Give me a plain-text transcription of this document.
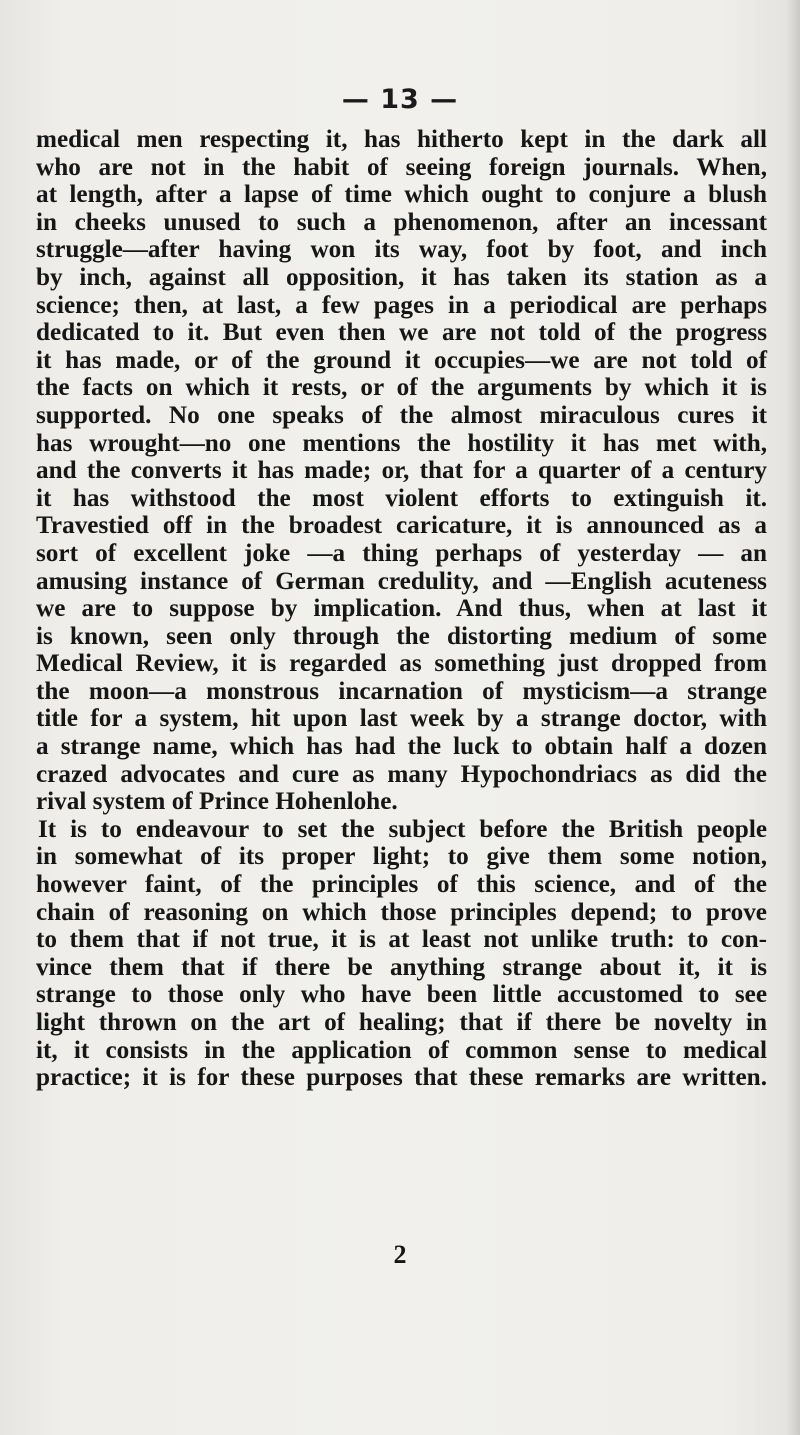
— 13 —
medical men respecting it, has hitherto kept in the dark all
who are not in the habit of seeing foreign journals. When,
at length, after a lapse of time which ought to conjure a blush
in cheeks unused to such a phenomenon, after an incessant
struggle—after having won its way, foot by foot, and inch
by inch, against all opposition, it has taken its station as a
science; then, at last, a few pages in a periodical are perhaps
dedicated to it. But even then we are not told of the progress
it has made, or of the ground it occupies—we are not told of
the facts on which it rests, or of the arguments by which it is
supported. No one speaks of the almost miraculous cures it
has wrought—no one mentions the hostility it has met with,
and the converts it has made; or, that for a quarter of a century
it has withstood the most violent efforts to extinguish it.
Travestied off in the broadest caricature, it is announced as a
sort of excellent joke —a thing perhaps of yesterday — an
amusing instance of German credulity, and —English acuteness
we are to suppose by implication. And thus, when at last it
is known, seen only through the distorting medium of some
Medical Review, it is regarded as something just dropped from
the moon—a monstrous incarnation of mysticism—a strange
title for a system, hit upon last week by a strange doctor, with
a strange name, which has had the luck to obtain half a dozen
crazed advocates and cure as many Hypochondriacs as did the
rival system of Prince Hohenlohe.
It is to endeavour to set the subject before the British people
in somewhat of its proper light; to give them some notion,
however faint, of the principles of this science, and of the
chain of reasoning on which those principles depend; to prove
to them that if not true, it is at least not unlike truth: to con-
vince them that if there be anything strange about it, it is
strange to those only who have been little accustomed to see
light thrown on the art of healing; that if there be novelty in
it, it consists in the application of common sense to medical
practice; it is for these purposes that these remarks are written.
2
